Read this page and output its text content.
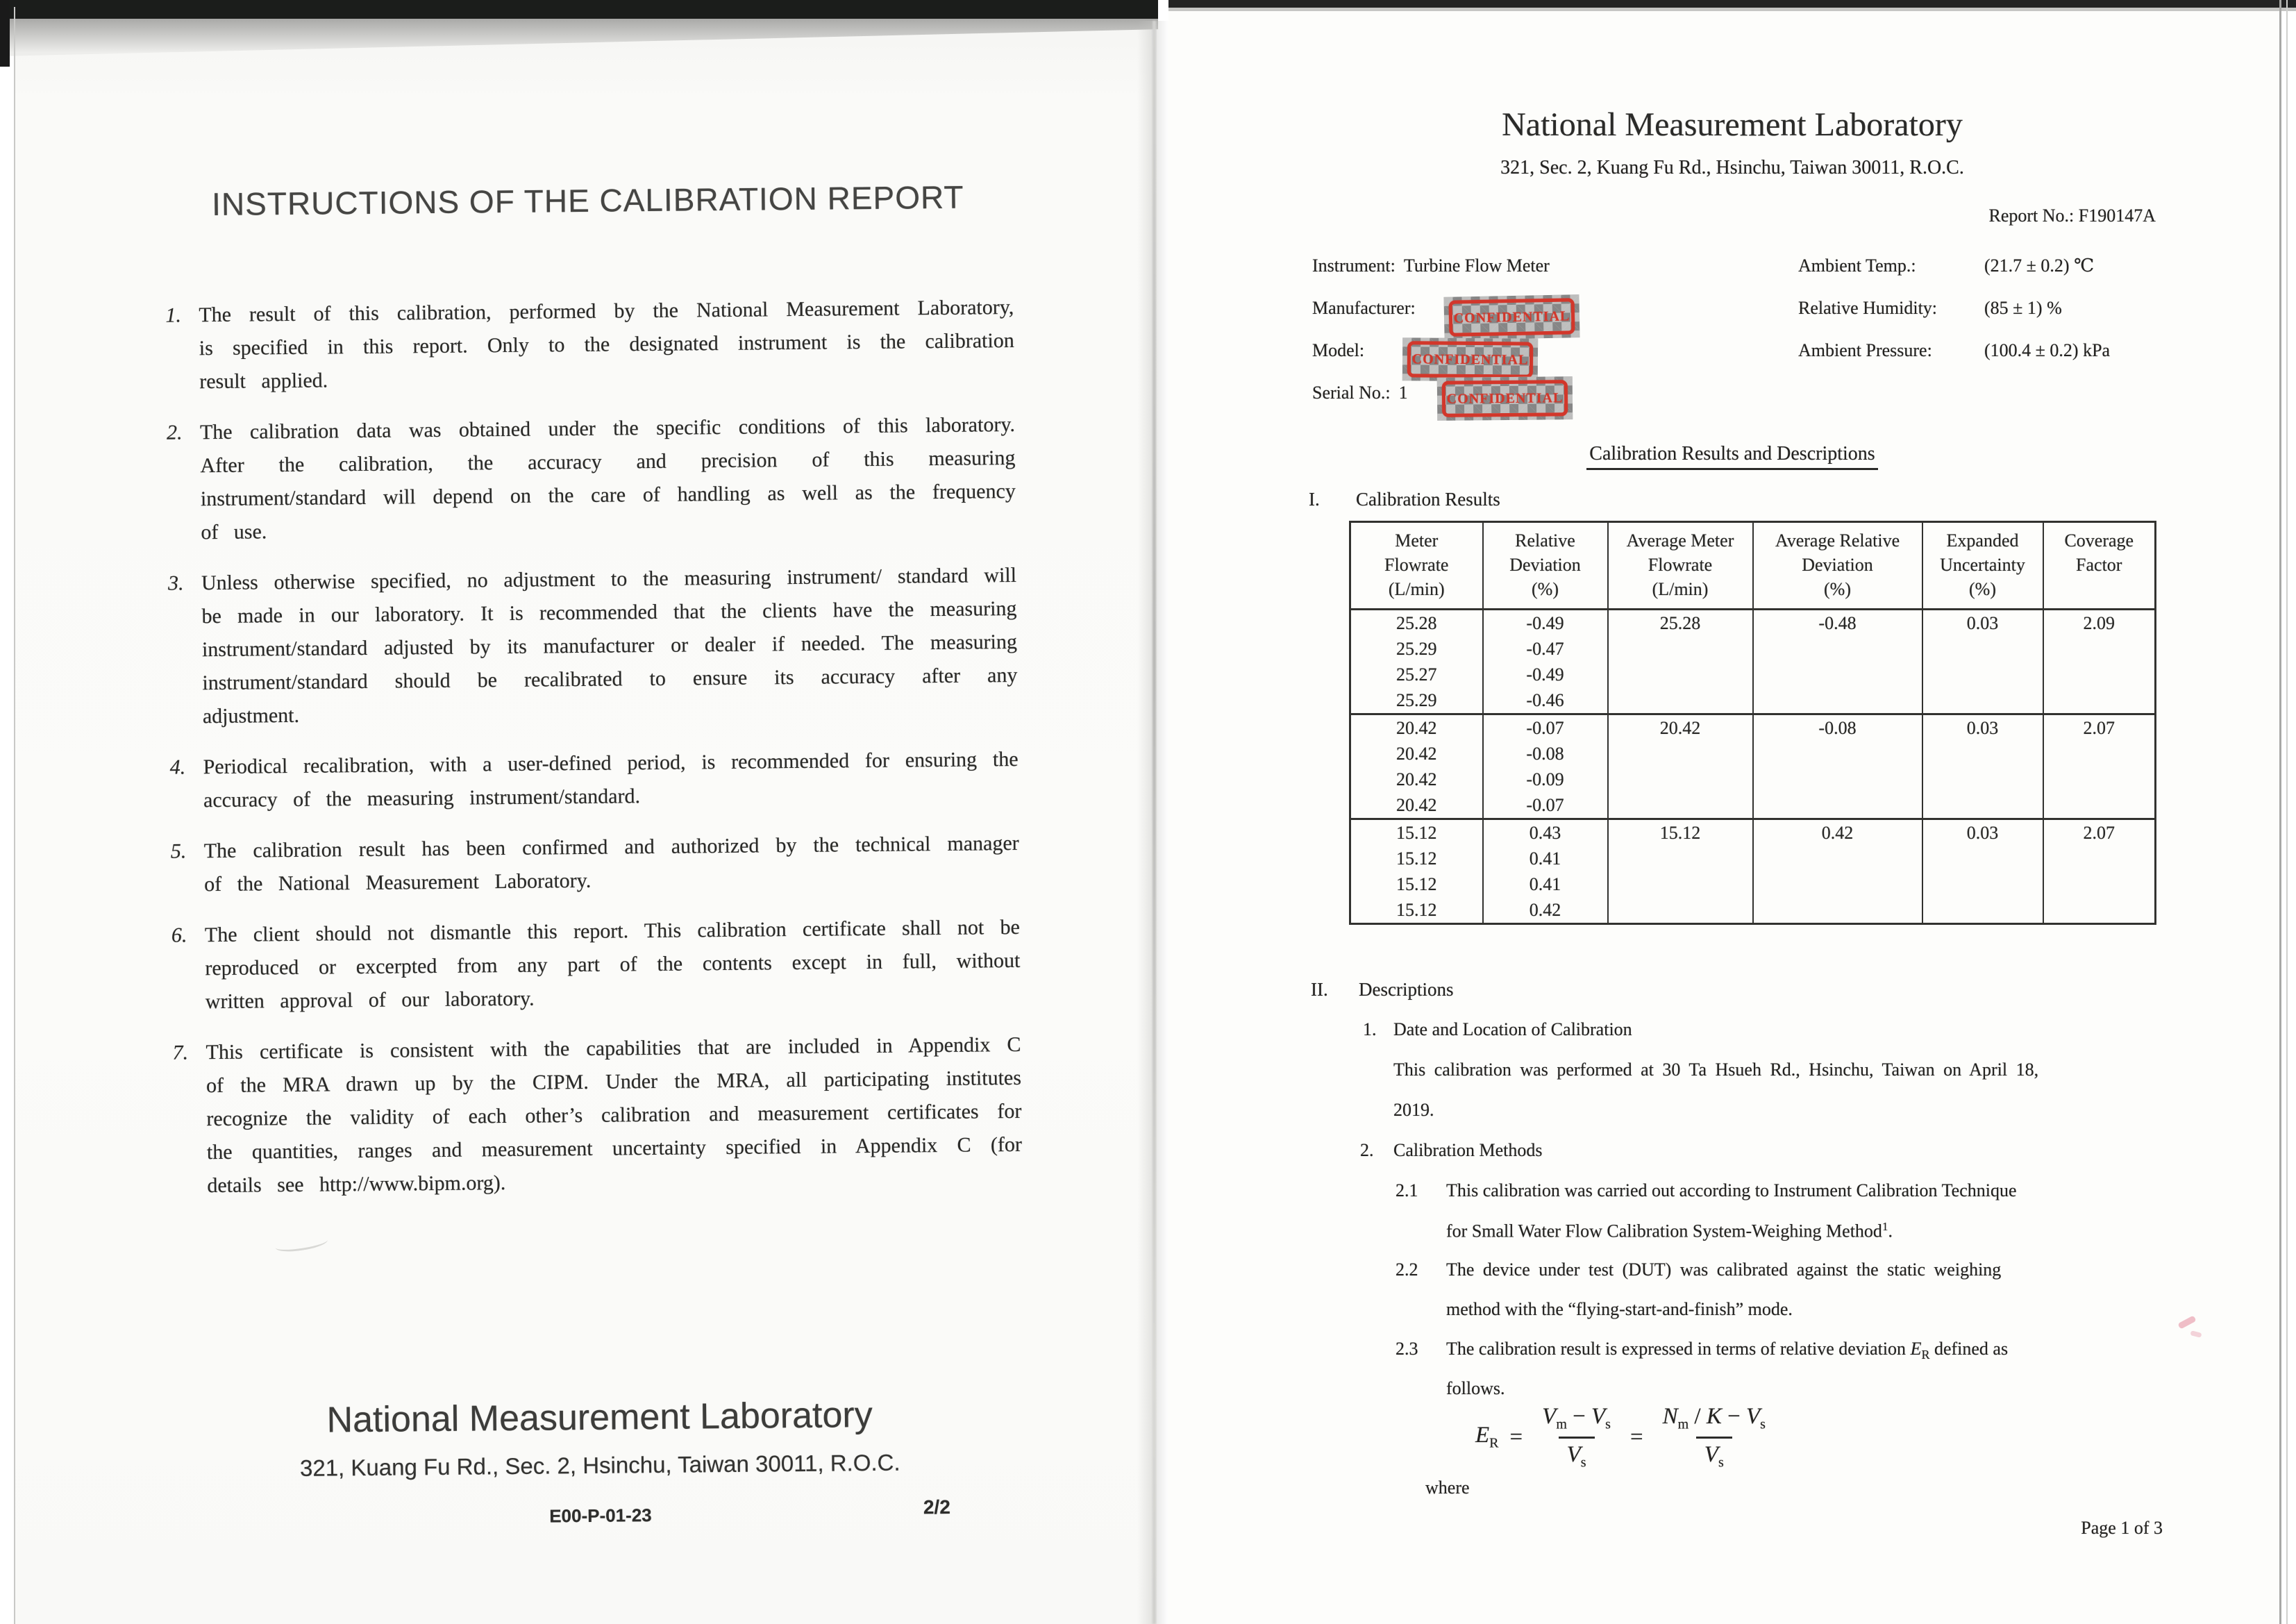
INSTRUCTIONS OF THE CALIBRATION REPORT
1. The result of this calibration, performed by the National Measurement Laboratory, is specified in this report. Only to the designated instrument is the calibration result applied.
2. The calibration data was obtained under the specific conditions of this laboratory. After the calibration, the accuracy and precision of this measuring instrument/standard will depend on the care of handling as well as the frequency of use.
3. Unless otherwise specified, no adjustment to the measuring instrument/ standard will be made in our laboratory. It is recommended that the clients have the measuring instrument/standard adjusted by its manufacturer or dealer if needed. The measuring instrument/standard should be recalibrated to ensure its accuracy after any adjustment.
4. Periodical recalibration, with a user-defined period, is recommended for ensuring the accuracy of the measuring instrument/standard.
5. The calibration result has been confirmed and authorized by the technical manager of the National Measurement Laboratory.
6. The client should not dismantle this report. This calibration certificate shall not be reproduced or excerpted from any part of the contents except in full, without written approval of our laboratory.
7. This certificate is consistent with the capabilities that are included in Appendix C of the MRA drawn up by the CIPM. Under the MRA, all participating institutes recognize the validity of each other’s calibration and measurement certificates for the quantities, ranges and measurement uncertainty specified in Appendix C (for details see http://www.bipm.org).
National Measurement Laboratory
321, Kuang Fu Rd., Sec. 2, Hsinchu, Taiwan 30011, R.O.C.
E00-P-01-23	2/2
National Measurement Laboratory
321, Sec. 2, Kuang Fu Rd., Hsinchu, Taiwan 30011, R.O.C.
Report No.: F190147A
Instrument: Turbine Flow Meter
Manufacturer:
Model:
Serial No.: 1
CONFIDENTIAL
CONFIDENTIAL
CONFIDENTIAL
Ambient Temp.:	(21.7 ± 0.2) ℃
Relative Humidity:	(85 ± 1) %
Ambient Pressure:	(100.4 ± 0.2) kPa
Calibration Results and Descriptions
I. Calibration Results
Meter
Flowrate
(L/min)

Relative
Deviation
(%)

Average Meter
Flowrate
(L/min)

Average Relative
Deviation
(%)

Expanded
Uncertainty
(%)

Coverage
Factor

25.28	-0.49	25.28	-0.48	0.03	2.09
25.29	-0.47				
25.27	-0.49				
25.29	-0.46				
20.42	-0.07	20.42	-0.08	0.03	2.07
20.42	-0.08				
20.42	-0.09				
20.42	-0.07				
15.12	0.43	15.12	0.42	0.03	2.07
15.12	0.41				
15.12	0.41				
15.12	0.42				
II. Descriptions
1. Date and Location of Calibration
This calibration was performed at 30 Ta Hsueh Rd., Hsinchu, Taiwan on April 18,
2019.
2. Calibration Methods
2.1 This calibration was carried out according to Instrument Calibration Technique
for Small Water Flow Calibration System-Weighing Method$^1$.
2.2 The device under test (DUT) was calibrated against the static weighing
method with the “flying-start-and-finish” mode.
2.3 The calibration result is expressed in terms of relative deviation $E_R$ defined as
follows.
$E_R = \frac{V_m - V_s}{V_s} = \frac{N_m / K - V_s}{V_s}$
where
Page 1 of 3
